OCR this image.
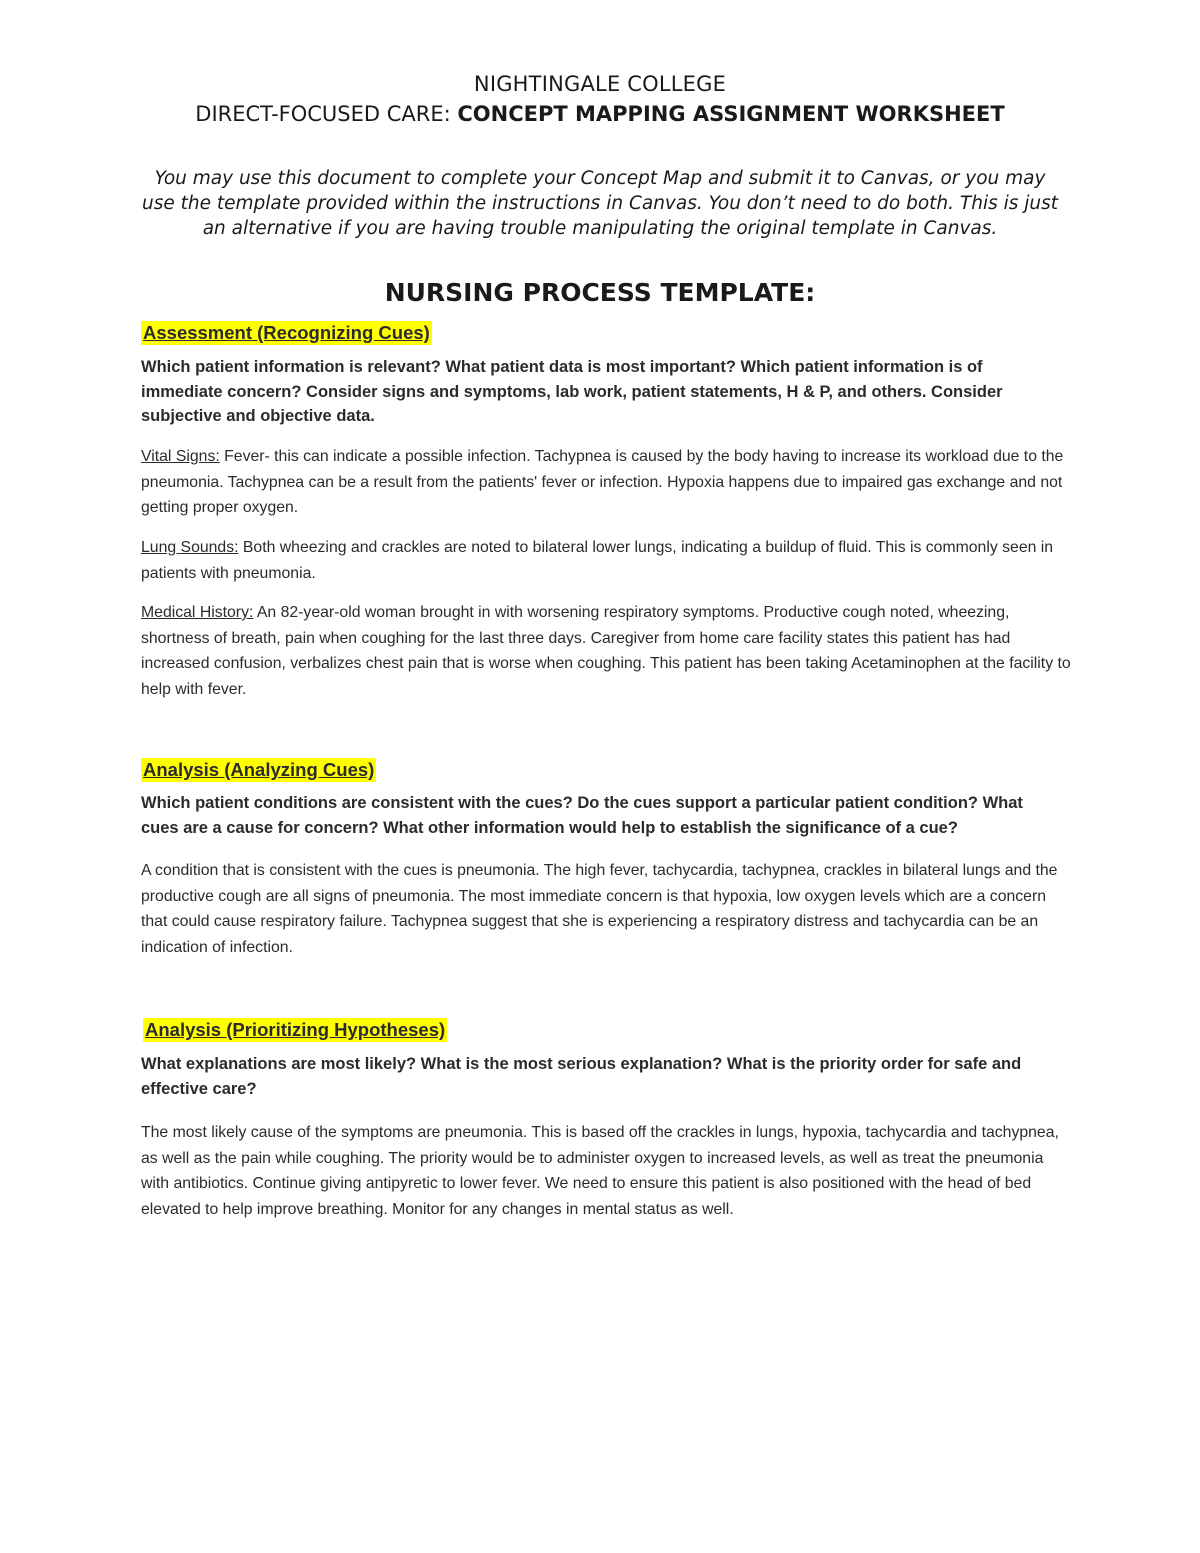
NIGHTINGALE COLLEGE
DIRECT-FOCUSED CARE: CONCEPT MAPPING ASSIGNMENT WORKSHEET
You may use this document to complete your Concept Map and submit it to Canvas, or you may use the template provided within the instructions in Canvas. You don’t need to do both. This is just an alternative if you are having trouble manipulating the original template in Canvas.
NURSING PROCESS TEMPLATE:
Assessment (Recognizing Cues)
Which patient information is relevant? What patient data is most important? Which patient information is of immediate concern? Consider signs and symptoms, lab work, patient statements, H & P, and others. Consider subjective and objective data.
Vital Signs: Fever- this can indicate a possible infection. Tachypnea is caused by the body having to increase its workload due to the pneumonia. Tachypnea can be a result from the patients' fever or infection. Hypoxia happens due to impaired gas exchange and not getting proper oxygen.
Lung Sounds: Both wheezing and crackles are noted to bilateral lower lungs, indicating a buildup of fluid. This is commonly seen in patients with pneumonia.
Medical History: An 82-year-old woman brought in with worsening respiratory symptoms. Productive cough noted, wheezing, shortness of breath, pain when coughing for the last three days. Caregiver from home care facility states this patient has had increased confusion, verbalizes chest pain that is worse when coughing. This patient has been taking Acetaminophen at the facility to help with fever.
Analysis (Analyzing Cues)
Which patient conditions are consistent with the cues? Do the cues support a particular patient condition? What cues are a cause for concern? What other information would help to establish the significance of a cue?
A condition that is consistent with the cues is pneumonia. The high fever, tachycardia, tachypnea, crackles in bilateral lungs and the productive cough are all signs of pneumonia. The most immediate concern is that hypoxia, low oxygen levels which are a concern that could cause respiratory failure. Tachypnea suggest that she is experiencing a respiratory distress and tachycardia can be an indication of infection.
Analysis (Prioritizing Hypotheses)
What explanations are most likely? What is the most serious explanation? What is the priority order for safe and effective care?
The most likely cause of the symptoms are pneumonia. This is based off the crackles in lungs, hypoxia, tachycardia and tachypnea, as well as the pain while coughing. The priority would be to administer oxygen to increased levels, as well as treat the pneumonia with antibiotics. Continue giving antipyretic to lower fever. We need to ensure this patient is also positioned with the head of bed elevated to help improve breathing. Monitor for any changes in mental status as well.
